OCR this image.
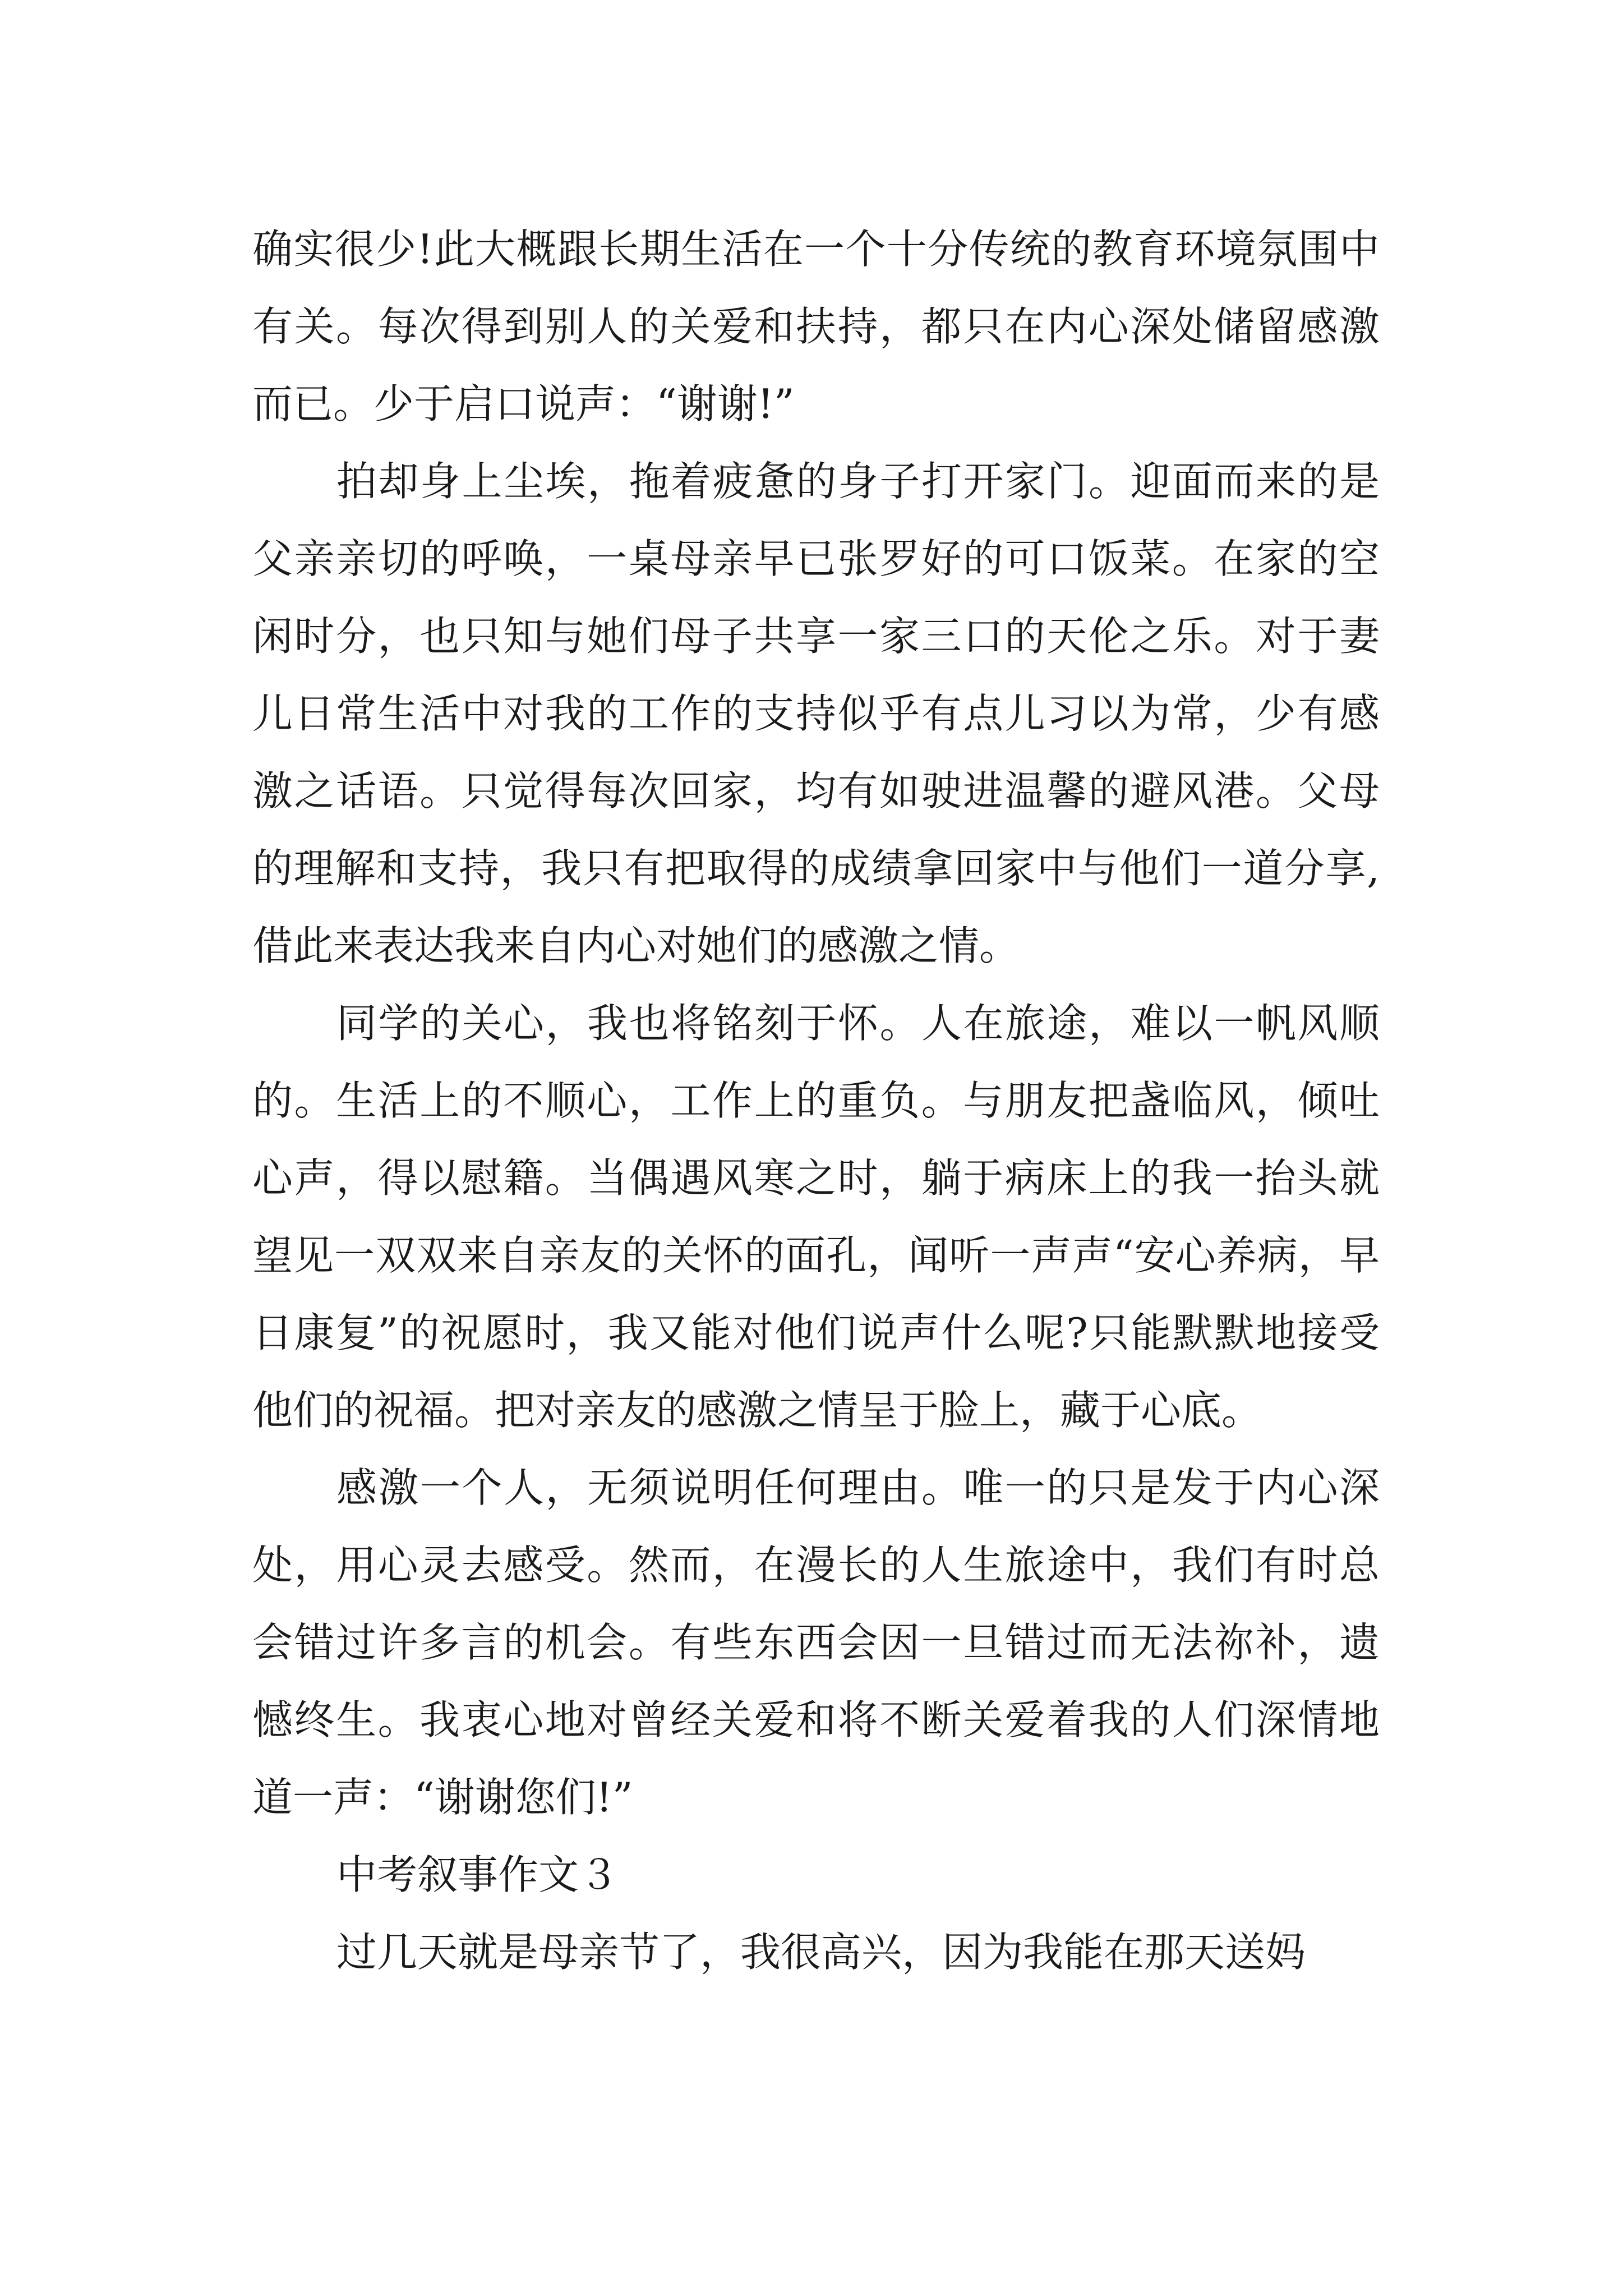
确实很少!此大概跟长期生活在一个十分传统的教育环境氛围中有关。每次得到别人的关爱和扶持，都只在内心深处储留感激而已。少于启口说声：“谢谢!”

拍却身上尘埃，拖着疲惫的身子打开家门。迎面而来的是父亲亲切的呼唤，一桌母亲早已张罗好的可口饭菜。在家的空闲时分，也只知与她们母子共享一家三口的天伦之乐。对于妻儿日常生活中对我的工作的支持似乎有点儿习以为常，少有感激之话语。只觉得每次回家，均有如驶进温馨的避风港。父母的理解和支持，我只有把取得的成绩拿回家中与他们一道分享,借此来表达我来自内心对她们的感激之情。

同学的关心，我也将铭刻于怀。人在旅途，难以一帆风顺的。生活上的不顺心，工作上的重负。与朋友把盏临风，倾吐心声，得以慰籍。当偶遇风寒之时，躺于病床上的我一抬头就望见一双双来自亲友的关怀的面孔，闻听一声声“安心养病，早日康复”的祝愿时，我又能对他们说声什么呢?只能默默地接受他们的祝福。把对亲友的感激之情呈于脸上，藏于心底。

感激一个人，无须说明任何理由。唯一的只是发于内心深处，用心灵去感受。然而，在漫长的人生旅途中，我们有时总会错过许多言的机会。有些东西会因一旦错过而无法祢补，遗憾终生。我衷心地对曾经关爱和将不断关爱着我的人们深情地道一声：“谢谢您们!”

中考叙事作文３

过几天就是母亲节了，我很高兴，因为我能在那天送妈
